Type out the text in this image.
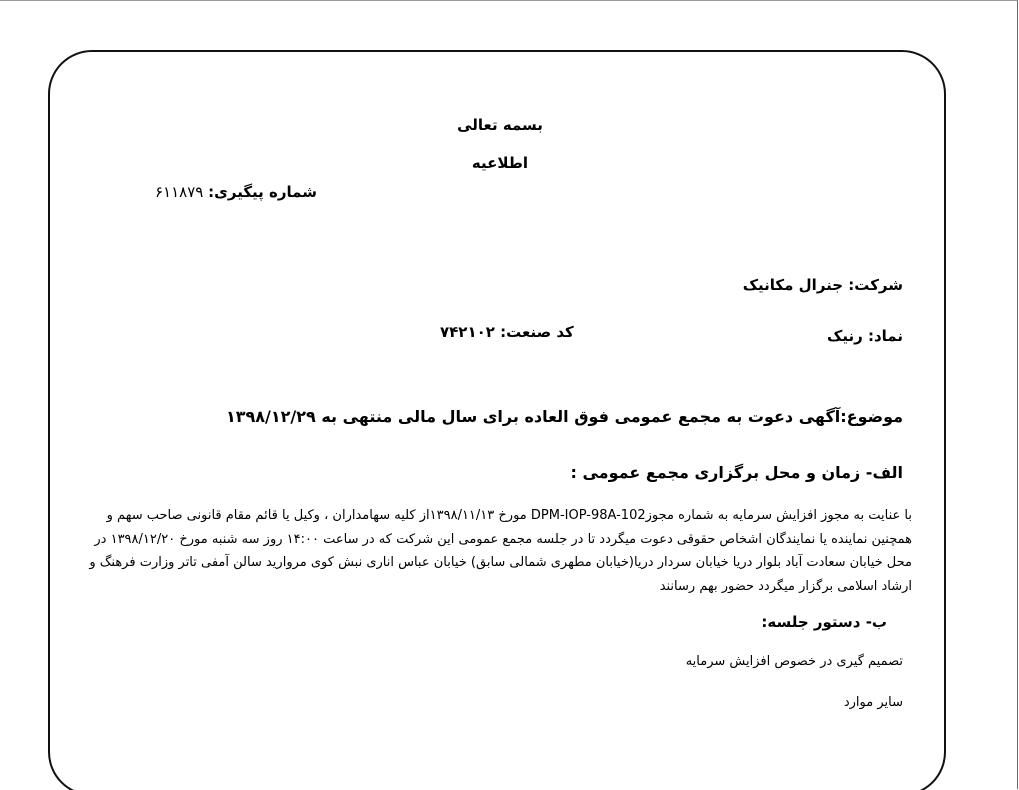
بسمه تعالی
اطلاعیه
شماره پیگیری: ۶۱۱۸۷۹
شرکت: جنرال مکانیک
نماد: رنیک
کد صنعت: ۷۴۲۱۰۲
موضوع:آگهی دعوت به مجمع عمومی فوق العاده برای سال مالی منتهی به ۱۳۹۸/۱۲/۲۹
الف- زمان و محل برگزاری مجمع عمومی :
با عنایت به مجوز افزایش سرمایه به شماره مجوزDPM-IOP-98A-102 مورخ ۱۳۹۸/۱۱/۱۳از کلیه سهامداران ، وکیل یا قائم مقام قانونی صاحب سهم و
همچنین نماینده یا نمایندگان اشخاص حقوقی دعوت میگردد تا در جلسه مجمع عمومی این شرکت که در ساعت ۱۴:۰۰ روز سه شنبه مورخ ۱۳۹۸/۱۲/۲۰ در
محل خیابان سعادت آباد بلوار دریا خیابان سردار دریا(خیابان مطهری شمالی سابق) خیابان عباس اناری نبش کوی مروارید سالن آمفی تاتر وزارت فرهنگ و
ارشاد اسلامی برگزار میگردد حضور بهم رسانند
ب- دستور جلسه:
تصمیم گیری در خصوص افزایش سرمایه
سایر موارد
